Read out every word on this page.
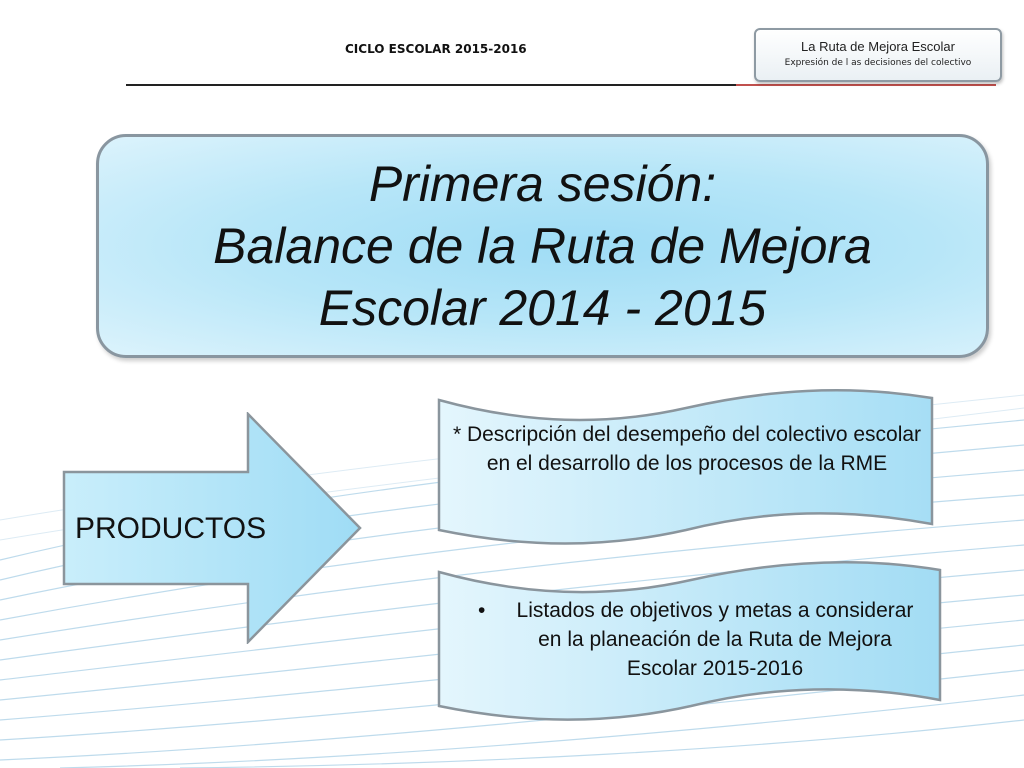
CICLO ESCOLAR 2015-2016	La Ruta de Mejora Escolar
Expresión de l as decisiones del colectivo
Primera sesión:
Balance de la Ruta de Mejora
Escolar 2014 - 2015
PRODUCTOS
* Descripción del desempeño del colectivo escolar en el desarrollo de los procesos de la RME
•	Listados de objetivos y metas a considerar en la planeación de la Ruta de Mejora Escolar 2015-2016
